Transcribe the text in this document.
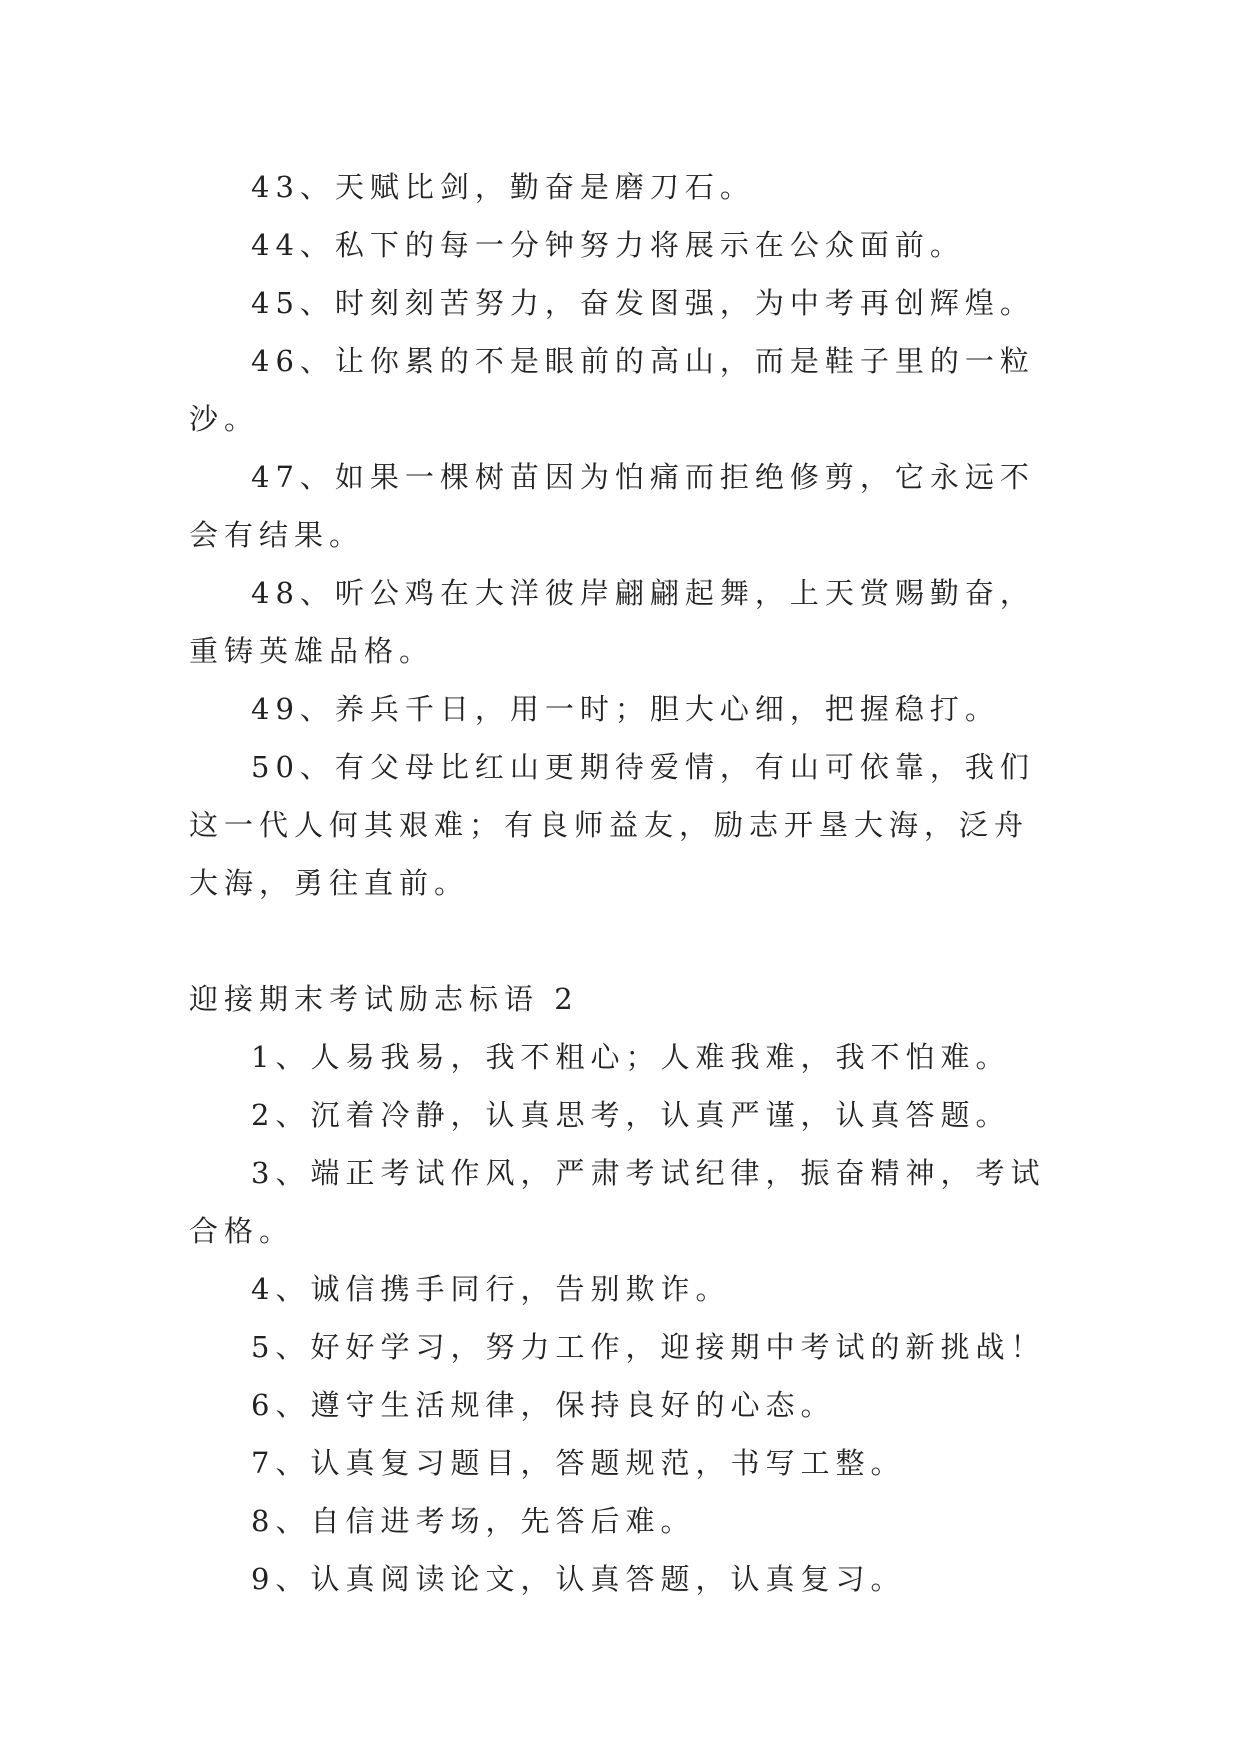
43、天赋比剑，勤奋是磨刀石。

44、私下的每一分钟努力将展示在公众面前。

45、时刻刻苦努力，奋发图强，为中考再创辉煌。

46、让你累的不是眼前的高山，而是鞋子里的一粒沙。

47、如果一棵树苗因为怕痛而拒绝修剪，它永远不会有结果。

48、听公鸡在大洋彼岸翩翩起舞，上天赏赐勤奋，重铸英雄品格。

49、养兵千日，用一时；胆大心细，把握稳打。

50、有父母比红山更期待爱情，有山可依靠，我们这一代人何其艰难；有良师益友，励志开垦大海，泛舟大海，勇往直前。

迎接期末考试励志标语 2

1、人易我易，我不粗心；人难我难，我不怕难。

2、沉着冷静，认真思考，认真严谨，认真答题。

3、端正考试作风，严肃考试纪律，振奋精神，考试合格。

4、诚信携手同行，告别欺诈。

5、好好学习，努力工作，迎接期中考试的新挑战！

6、遵守生活规律，保持良好的心态。

7、认真复习题目，答题规范，书写工整。

8、自信进考场，先答后难。

9、认真阅读论文，认真答题，认真复习。
